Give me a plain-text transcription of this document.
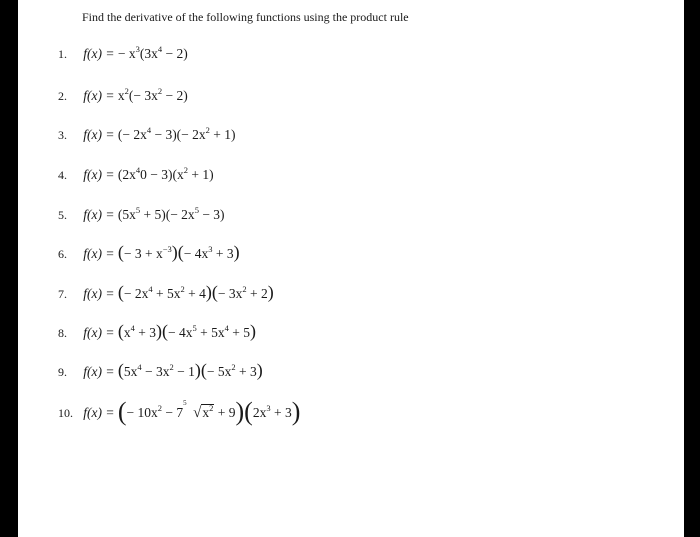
Find the derivative of the following functions using the product rule
1. f(x) = − $x^3(3x^4 - 2)$
2. $f(x) = x^2(- 3x^2 - 2)$
3. f(x) = (− $2x^4 - 3)(- 2x^2 + 1)$
4. $f(x) = (2x^40 - 3)(x^2 + 1)$
5. $f(x) = (5x^5 + 5)(- 2x^5 - 3)$
6. f(x) = (− $3 + x^{-3})(- 4x^3 + 3)$
7. f(x) = (− $2x^4 + 5x^2 + 4)(- 3x^2 + 2)$
8. $f(x) = (x^4 + 3)(- 4x^5 + 5x^4 + 5)$
9. $f(x) = (5x^4 - 3x^2 - 1)(- 5x^2 + 3)$
10. f(x) = (− $10x^2 - 7$
5
$√x^2 + 9)(2x^3 + 3)$
